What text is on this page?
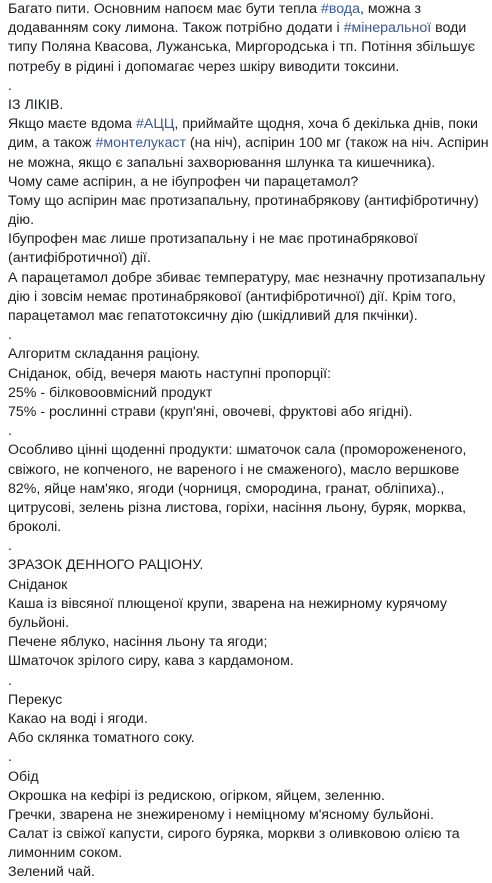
Багато пити. Основним напоєм має бути тепла #вода, можна з
додаванням соку лимона. Також потрібно додати і #мінеральної води
типу Поляна Квасова, Лужанська, Миргородська і тп. Потіння збільшує
потребу в рідині і допомагає через шкіру виводити токсини.
.
ІЗ ЛІКІВ.
Якщо маєте вдома #АЦЦ, приймайте щодня, хоча б декілька днів, поки
дим, а також #монтелукаст (на ніч), аспірин 100 мг (також на ніч. Аспірин
не можна, якщо є запальні захворювання шлунка та кишечника).
Чому саме аспірин, а не ібупрофен чи парацетамол?
Тому що аспірин має протизапальну, протинабрякову (антифібротичну)
дію.
Ібупрофен має лише протизапальну і не має протинабрякової
(антифібротичної) дії.
А парацетамол добре збиває температуру, має незначну протизапальну
дію і зовсім немає протинабрякової (антифібротичної) дії. Крім того,
парацетамол має гепатотоксичну дію (шкідливий для пкчінки).
.
Алгоритм складання раціону.
Сніданок, обід, вечеря мають наступні пропорції:
25% - білковоовмісний продукт
75% - рослинні страви (круп'яні, овочеві, фруктові або ягідні).
.
Особливо цінні щоденні продукти: шматочок сала (проморожененого,
свіжого, не копченого, не вареного і не смаженого), масло вершкове
82%, яйце нам'яко, ягоди (чорниця, смородина, гранат, обліпиха).,
цитрусові, зелень різна листова, горіхи, насіння льону, буряк, морква,
броколі.
.
ЗРАЗОК ДЕННОГО РАЦІОНУ.
Сніданок
Каша із вівсяної плющеної крупи, зварена на нежирному курячому
бульйоні.
Печене яблуко, насіння льону та ягоди;
Шматочок зрілого сиру, кава з кардамоном.
.
Перекус
Какао на воді і ягоди.
Або склянка томатного соку.
.
Обід
Окрошка на кефірі із редискою, огірком, яйцем, зеленню.
Гречки, зварена не знежиреному і неміцному м'ясному бульйоні.
Салат із свіжої капусти, сирого буряка, моркви з оливковою олією та
лимонним соком.
Зелений чай.
